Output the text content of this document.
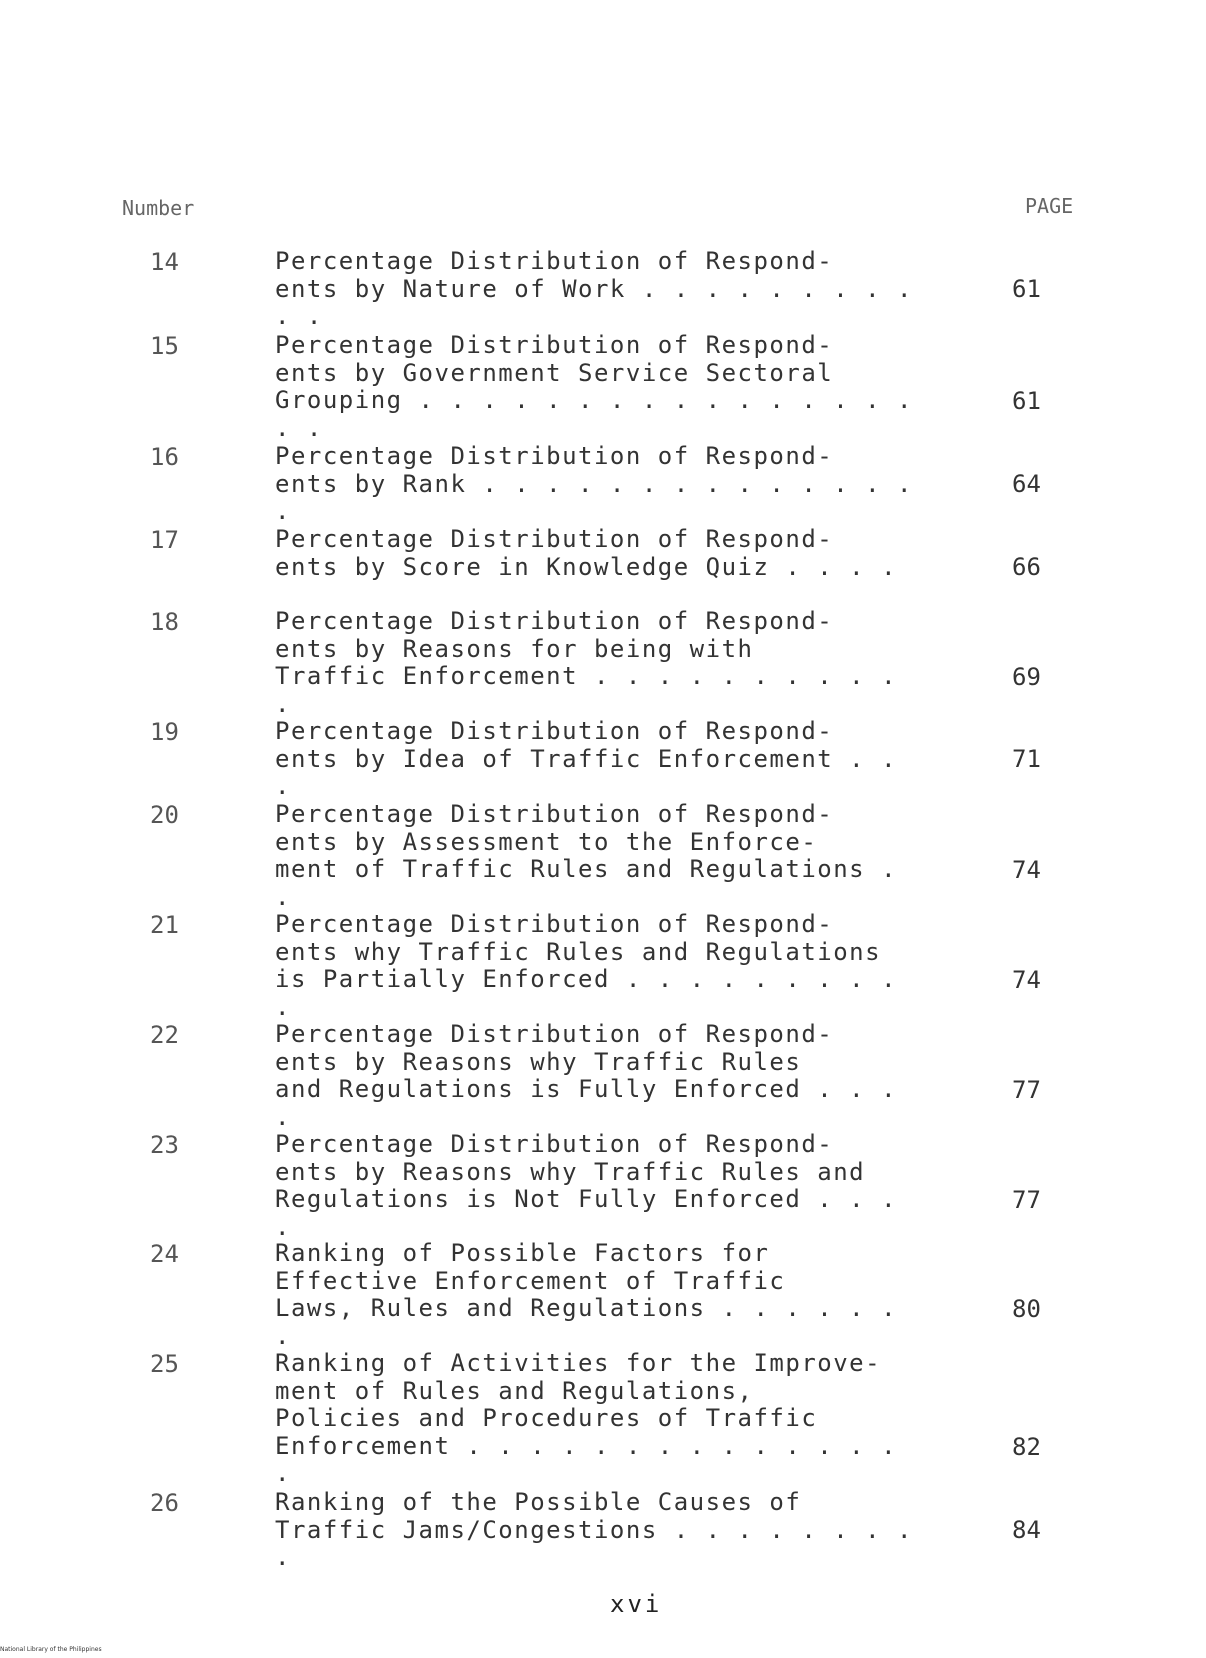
Number	PAGE
14	Percentage Distribution of Respond-
ents by Nature of Work . . . . . . . . . . .
61
15	Percentage Distribution of Respond-
ents by Government Service Sectoral
Grouping . . . . . . . . . . . . . . . . . .
61
16	Percentage Distribution of Respond-
ents by Rank . . . . . . . . . . . . . . .
64
17	Percentage Distribution of Respond-
ents by Score in Knowledge Quiz . . . .	66
18	Percentage Distribution of Respond-
ents by Reasons for being with
Traffic Enforcement . . . . . . . . . . .
69
19	Percentage Distribution of Respond-
ents by Idea of Traffic Enforcement . . .
71
20	Percentage Distribution of Respond-
ents by Assessment to the Enforce-
ment of Traffic Rules and Regulations . .
74
21	Percentage Distribution of Respond-
ents why Traffic Rules and Regulations
is Partially Enforced . . . . . . . . . .
74
22	Percentage Distribution of Respond-
ents by Reasons why Traffic Rules
and Regulations is Fully Enforced . . . .
77
23	Percentage Distribution of Respond-
ents by Reasons why Traffic Rules and
Regulations is Not Fully Enforced . . . .
77
24	Ranking of Possible Factors for
Effective Enforcement of Traffic
Laws, Rules and Regulations . . . . . . .
80
25	Ranking of Activities for the Improve-
ment of Rules and Regulations,
Policies and Procedures of Traffic
Enforcement . . . . . . . . . . . . . . .
82
26	Ranking of the Possible Causes of
Traffic Jams/Congestions . . . . . . . . .
84
xvi
National Library of the Philippines
